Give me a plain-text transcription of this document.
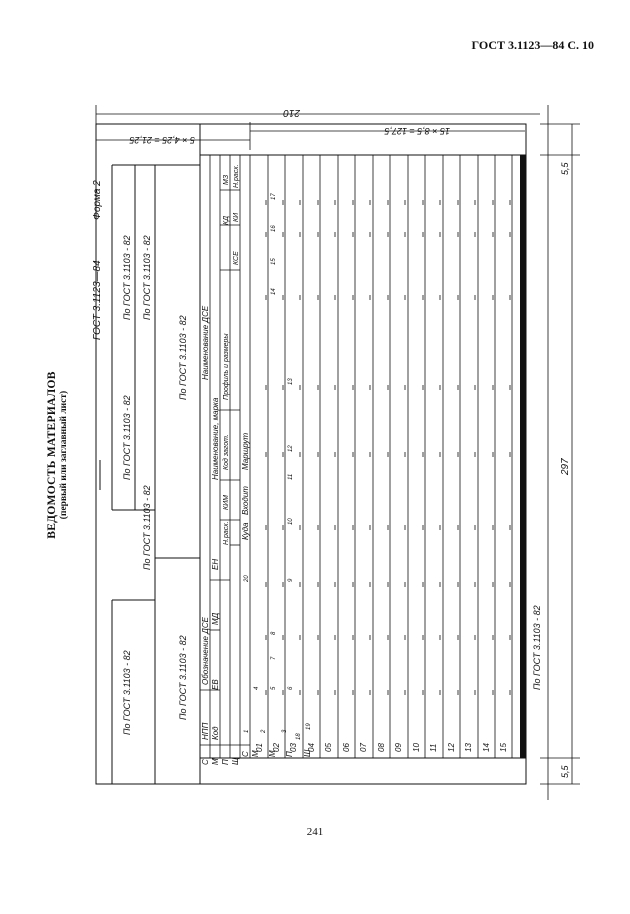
ГОСТ 3.1123—84 С. 10
ВЕДОМОСТЬ МАТЕРИАЛОВ (первый или заглавный лист)
ГОСТ 3.1123—84
Форма 2
По ГОСТ 3.1103 - 82
По ГОСТ 3.1103 - 82
По ГОСТ 3.1103 - 82
По ГОСТ 3.1103 - 82
По ГОСТ 3.1103 - 82
По ГОСТ 3.1103 - 82	По ГОСТ 3.1103 - 82
По ГОСТ 3.1103 - 82
210
5 × 4,25 = 21,25
15 × 8,5 = 127,5
297
5,5
5,5
НПП
Обозначение ДСЕ
Наименование ДСЕ
Код
ЕВ
МД
ЕН
Наименование, марка
Н.расх.
КИМ
Код загот.
Профиль и размеры
КД
МЗ
КСЕ
КИ
Н.расх.
Куда
Входит
Маршрут
С М П Щ
С М М П Ш
01 02 03 04 05 06 07 08 09 10 11 12 13 14 15
1 2	3
4 5 6
7
8
9
10
11
12
13
14
15
16
17
18
19
20
241
